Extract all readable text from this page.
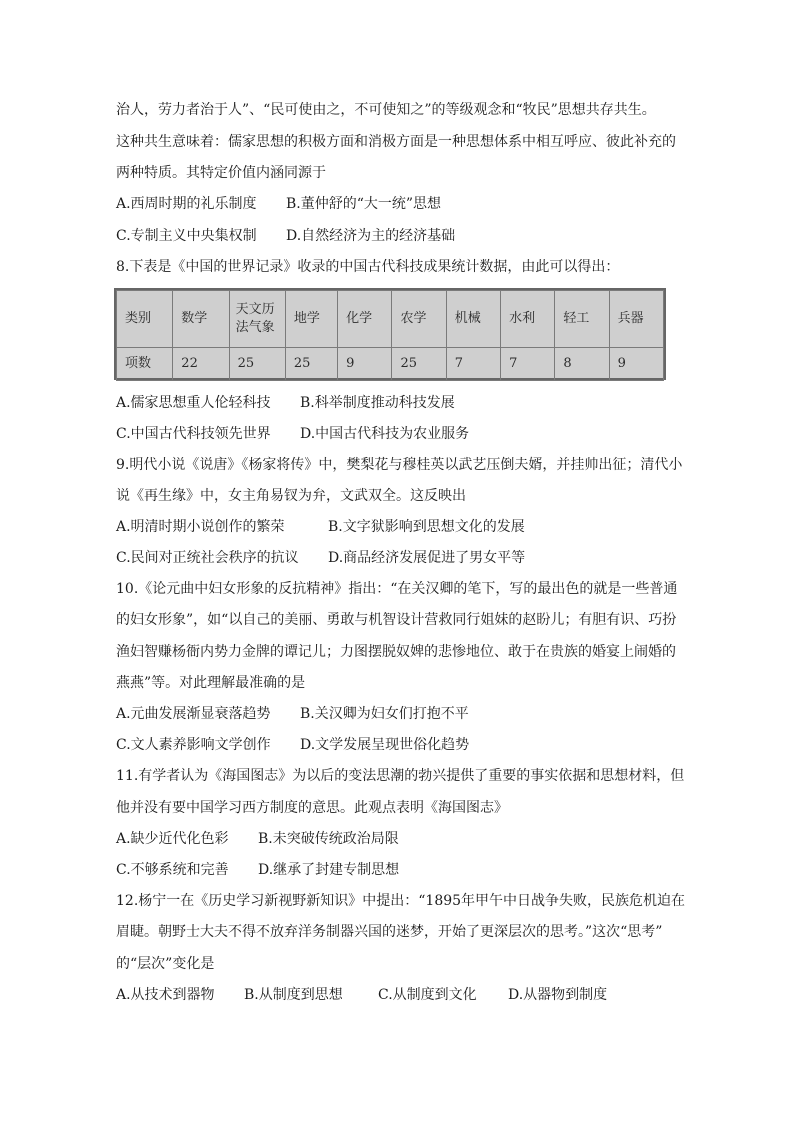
治人，劳力者治于人”、“民可使由之，不可使知之”的等级观念和“牧民”思想共存共生。
这种共生意味着：儒家思想的积极方面和消极方面是一种思想体系中相互呼应、彼此补充的
两种特质。其特定价值内涵同源于
A.西周时期的礼乐制度 B.董仲舒的“大一统”思想
C.专制主义中央集权制 D.自然经济为主的经济基础
8.下表是《中国的世界记录》收录的中国古代科技成果统计数据，由此可以得出：
类别	数学	天文历法气象	地学	化学	农学	机械	水利	轻工	兵器
项数	22	25	25	9	25	7	7	8	9
A.儒家思想重人伦轻科技 B.科举制度推动科技发展
C.中国古代科技领先世界 D.中国古代科技为农业服务
9.明代小说《说唐》《杨家将传》中，樊梨花与穆桂英以武艺压倒夫婿，并挂帅出征；清代小
说《再生缘》中，女主角易钗为弁，文武双全。这反映出
A.明清时期小说创作的繁荣	B.文字狱影响到思想文化的发展
C.民间对正统社会秩序的抗议 D.商品经济发展促进了男女平等
10.《论元曲中妇女形象的反抗精神》指出：“在关汉卿的笔下，写的最出色的就是一些普通
的妇女形象”，如“以自己的美丽、勇敢与机智设计营救同行姐妹的赵盼儿；有胆有识、巧扮
渔妇智赚杨衙内势力金牌的谭记儿；力图摆脱奴婢的悲惨地位、敢于在贵族的婚宴上闹婚的
燕燕”等。对此理解最准确的是
A.元曲发展渐显衰落趋势 B.关汉卿为妇女们打抱不平
C.文人素养影响文学创作 D.文学发展呈现世俗化趋势
11.有学者认为《海国图志》为以后的变法思潮的勃兴提供了重要的事实依据和思想材料，但
他并没有要中国学习西方制度的意思。此观点表明《海国图志》
A.缺少近代化色彩 B.未突破传统政治局限
C.不够系统和完善 D.继承了封建专制思想
12.杨宁一在《历史学习新视野新知识》中提出：“1895年甲午中日战争失败，民族危机迫在
眉睫。朝野士大夫不得不放弃洋务制器兴国的迷梦，开始了更深层次的思考。”这次“思考”
的“层次”变化是
A.从技术到器物 B.从制度到思想	C.从制度到文化 D.从器物到制度
